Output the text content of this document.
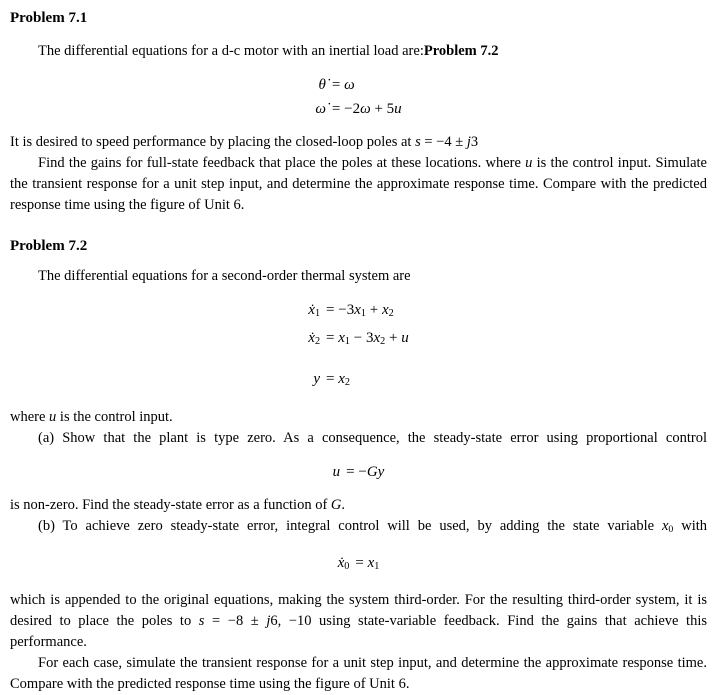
Problem 7.1

The differential equations for a d-c motor with an inertial load are:Problem 7.2

θ̇ = ω
ω̇ = −2ω + 5u

It is desired to speed performance by placing the closed-loop poles at s = −4 ± j3

Find the gains for full-state feedback that place the poles at these locations. where u is the control input. Simulate the transient response for a unit step input, and determine the approximate response time. Compare with the predicted response time using the figure of Unit 6.

Problem 7.2

The differential equations for a second-order thermal system are

ẋ1 = −3x1 + x2
ẋ2 = x1 − 3x2 + u
y = x2

where u is the control input.

(a) Show that the plant is type zero. As a consequence, the steady-state error using proportional control

u = −Gy

is non-zero. Find the steady-state error as a function of G.

(b) To achieve zero steady-state error, integral control will be used, by adding the state variable x0 with

ẋ0 = x1

which is appended to the original equations, making the system third-order. For the resulting third-order system, it is desired to place the poles to s = −8 ± j6, −10 using state-variable feedback. Find the gains that achieve this performance.

For each case, simulate the transient response for a unit step input, and determine the approximate response time. Compare with the predicted response time using the figure of Unit 6.
